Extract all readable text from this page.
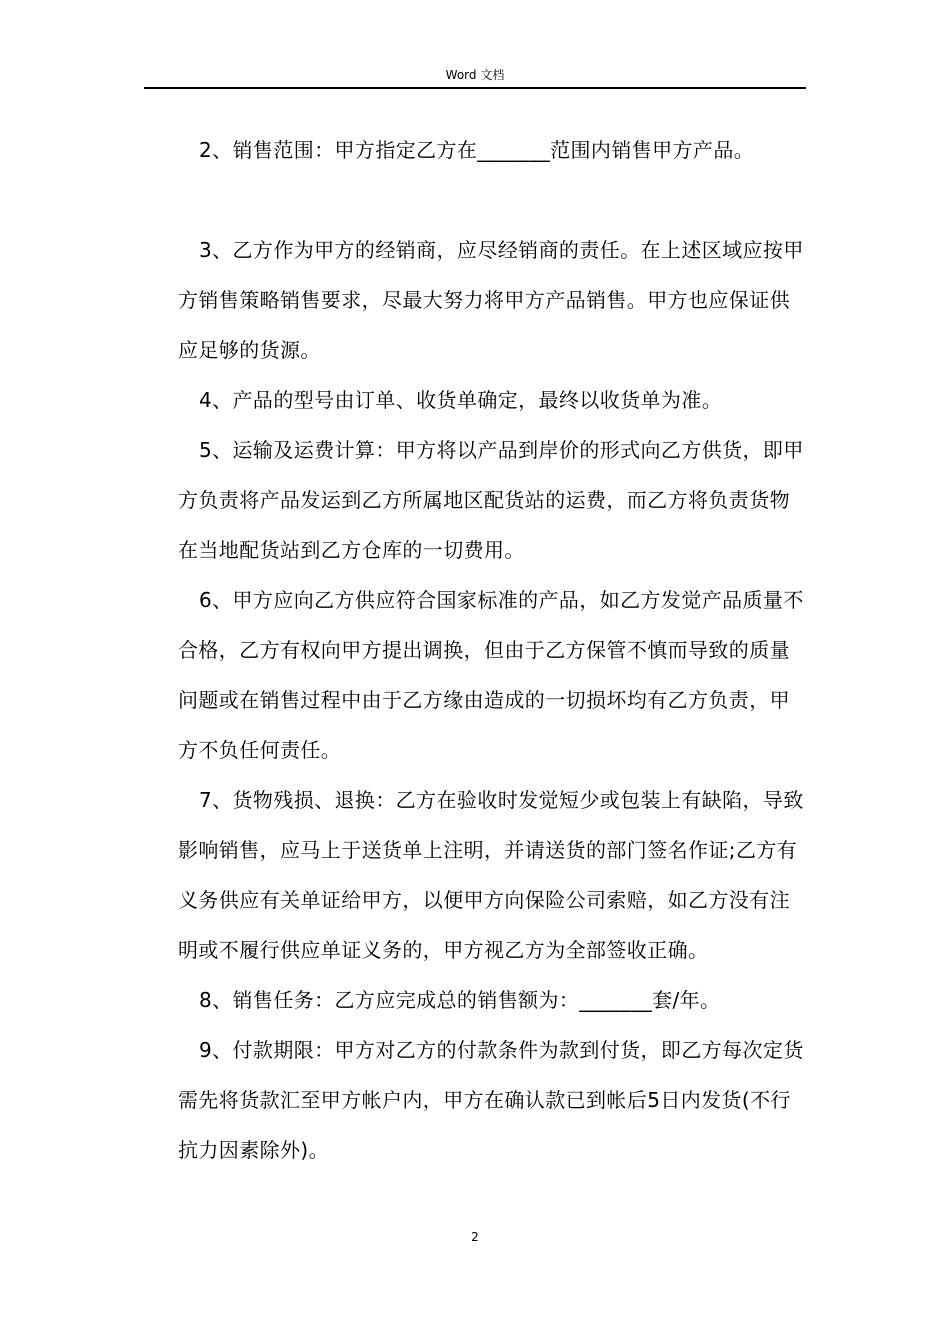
Word 文档

2、销售范围：甲方指定乙方在_______范围内销售甲方产品。

3、乙方作为甲方的经销商，应尽经销商的责任。在上述区域应按甲方销售策略销售要求，尽最大努力将甲方产品销售。甲方也应保证供应足够的货源。

4、产品的型号由订单、收货单确定，最终以收货单为准。

5、运输及运费计算：甲方将以产品到岸价的形式向乙方供货，即甲方负责将产品发运到乙方所属地区配货站的运费，而乙方将负责货物在当地配货站到乙方仓库的一切费用。

6、甲方应向乙方供应符合国家标准的产品，如乙方发觉产品质量不合格，乙方有权向甲方提出调换，但由于乙方保管不慎而导致的质量问题或在销售过程中由于乙方缘由造成的一切损坏均有乙方负责，甲方不负任何责任。

7、货物残损、退换：乙方在验收时发觉短少或包装上有缺陷，导致影响销售，应马上于送货单上注明，并请送货的部门签名作证;乙方有义务供应有关单证给甲方，以便甲方向保险公司索赔，如乙方没有注明或不履行供应单证义务的，甲方视乙方为全部签收正确。

8、销售任务：乙方应完成总的销售额为：_______套/年。

9、付款期限：甲方对乙方的付款条件为款到付货，即乙方每次定货需先将货款汇至甲方帐户内，甲方在确认款已到帐后5日内发货(不行抗力因素除外)。

2
